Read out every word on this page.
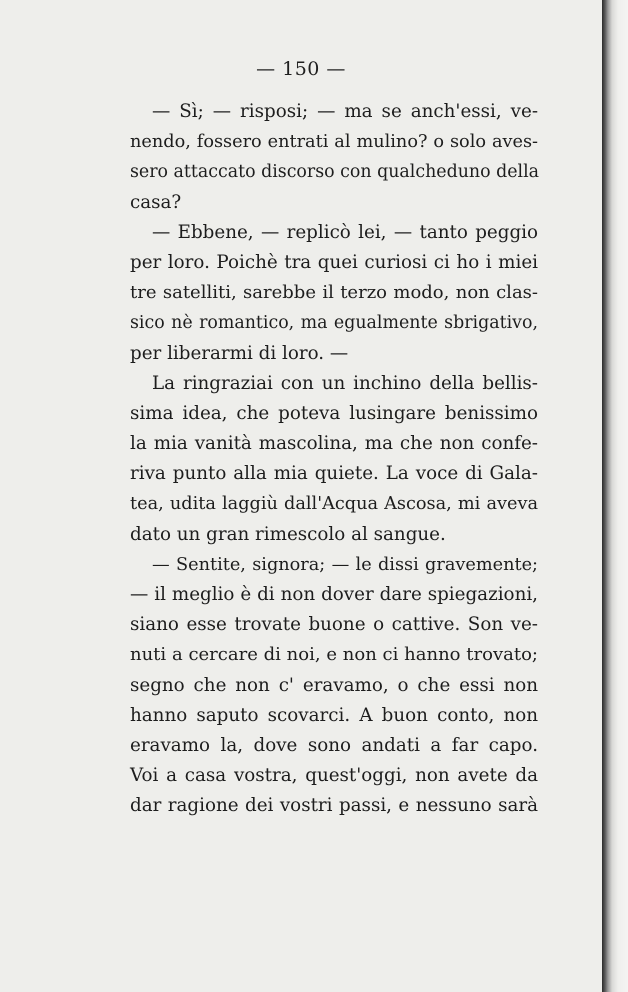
— 150 —
— Sì; — risposi; — ma se anch'essi, ve-
nendo, fossero entrati al mulino? o solo aves-
sero attaccato discorso con qualcheduno della
casa?
— Ebbene, — replicò lei, — tanto peggio
per loro. Poichè tra quei curiosi ci ho i miei
tre satelliti, sarebbe il terzo modo, non clas-
sico nè romantico, ma egualmente sbrigativo,
per liberarmi di loro. —
La ringraziai con un inchino della bellis-
sima idea, che poteva lusingare benissimo
la mia vanità mascolina, ma che non confe-
riva punto alla mia quiete. La voce di Gala-
tea, udita laggiù dall'Acqua Ascosa, mi aveva
dato un gran rimescolo al sangue.
— Sentite, signora; — le dissi gravemente;
— il meglio è di non dover dare spiegazioni,
siano esse trovate buone o cattive. Son ve-
nuti a cercare di noi, e non ci hanno trovato;
segno che non c' eravamo, o che essi non
hanno saputo scovarci. A buon conto, non
eravamo la, dove sono andati a far capo.
Voi a casa vostra, quest'oggi, non avete da
dar ragione dei vostri passi, e nessuno sarà
